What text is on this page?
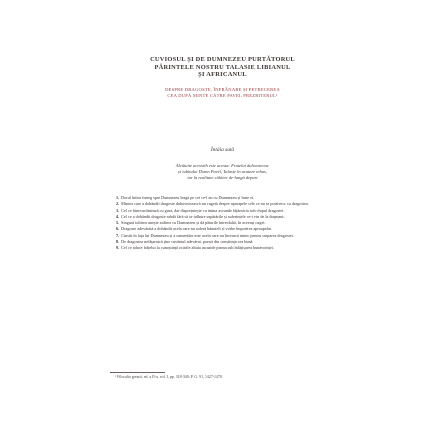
CUVIOSUL ȘI DE DUMNEZEU PURTĂTORUL
PĂRINTELE NOSTRU TALASIE LIBIANUL
ȘI AFRICANUL
DESPRE DRAGOSTE, ÎNFRÂNARE ȘI PETRECEREA
CEA DUPĂ MINTE CĂTRE PAVEL PREZBITERUL¹
Întâia sută
Alcătuite acrostih este acesta: Fratelui duhovnicesc
și iubitului Domn Pavel, Talasie în aratare tehas,
iar în realitate călător de-lungă depart
1. Dorul întins întreg spre Dumnezeu leagă pe cei ce-l au cu Dumnezeu și între ei.
2. Mintea care a dobândit dragoste duhovnicească nu cugetă despre aproapele cele ce nu se potrivesc cu dragostea.
3. Cel ce binecuvântează cu gura, dar disprețuiește cu inima ascunde fățărnicia sub chipul dragostei.
4. Cel ce a dobândit dragoste rabdă fără să se tulbure supărările și suferințele ce-i vin de la dușmani.
5. Singură iubirea unește zidirea cu Dumnezeu și dă păturile întreolaltă, în aceeași cuget.
6. Dragoste adevărată a dobândit acela care nu suferă bănuieli și vorbe împotriva aproapelui.
7. Cinstit în fața lui Dumnezeu și a oamenilor este acela care nu încearcă nimic pentru surparea dragostei.
8. De dragostea nefățarnică ține cuvântul adevărat, pornit din conștiința cea bună.
9. Cel ce aduce frățelui la cunoștință ocările altuia ascunde pizma sub înfățișarea bunăvoinței.
¹ Filocalia greacă, ed. a II-a, vol. I, pp. 318-340; P. G. 91, 1427-1470.
